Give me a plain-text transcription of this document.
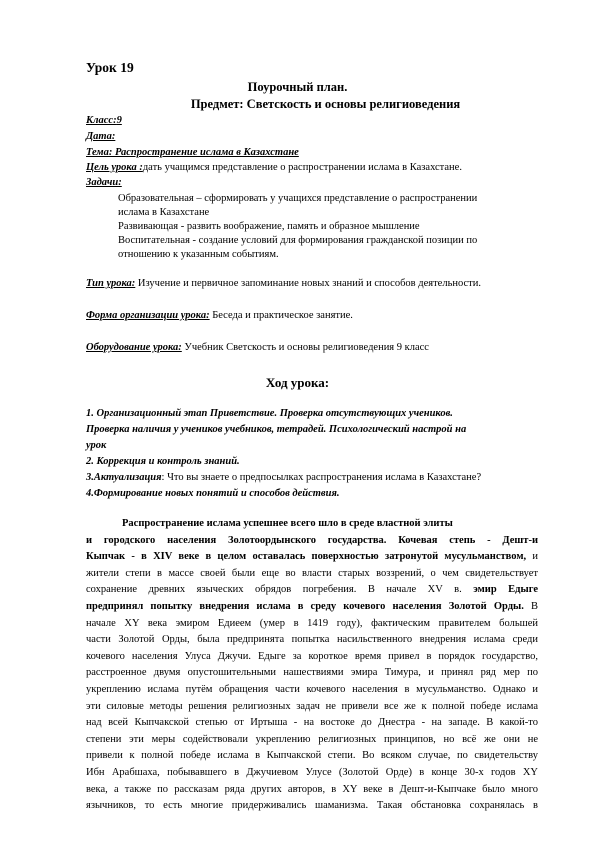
Урок 19
Поурочный план.
Предмет: Светскость и основы религиоведения
Класс:9
Дата:
Тема: Распространение ислама в Казахстане
Цель урока :дать учащимся представление о распространении ислама в Казахстане.
Задачи:
Образовательная – сформировать у учащихся представление о распространении
ислама в Казахстане
Развивающая - развить воображение, память и образное мышление
Воспитательная - создание условий для формирования гражданской позиции по
отношению к указанным событиям.
Тип урока: Изучение и первичное запоминание новых знаний и способов деятельности.
Форма организации урока: Беседа и практическое занятие.
Оборудование урока: Учебник Светскость и основы религиоведения 9 класс
Ход урока:
1. Организационный этап Приветствие. Проверка отсутствующих учеников.
Проверка наличия у учеников учебников, тетрадей. Психологический настрой на
урок
2. Коррекция и контроль знаний.
3.Актуализация: Что вы знаете о предпосылках распространения ислама в Казахстане?
4.Формирование новых понятий и способов действия.
Распространение ислама успешнее всего шло в среде властной элиты
и городского населения Золотоордынского государства. Кочевая степь - Дешт-и
Кыпчак - в XIV веке в целом оставалась поверхностью затронутой мусульманством, и
жители степи в массе своей были еще во власти старых воззрений, о чем свидетельствует
сохранение древних языческих обрядов погребения. В начале XV в. эмир Едыге
предпринял попытку внедрения ислама в среду кочевого населения Золотой Орды. В
начале XY века эмиром Едиеем (умер в 1419 году), фактическим правителем большей
части Золотой Орды, была предпринята попытка насильственного внедрения ислама среди
кочевого населения Улуса Джучи. Едыге за короткое время привел в порядок государство,
расстроенное двумя опустошительными нашествиями эмира Тимура, и принял ряд мер по
укреплению ислама путём обращения части кочевого населения в мусульманство. Однако и
эти силовые методы решения религиозных задач не привели все же к полной победе ислама
над всей Кыпчакской степью от Иртыша - на востоке до Днестра - на западе. В какой-то
степени эти меры содействовали укреплению религиозных принципов, но всё же они не
привели к полной победе ислама в Кыпчакской степи. Во всяком случае, по свидетельству
Ибн Арабшаха, побывавшего в Джучиевом Улусе (Золотой Орде) в конце 30-х годов XY
века, а также по рассказам ряда других авторов, в XY веке в Дешт-и-Кыпчаке было много
язычников, то есть многие придерживались шаманизма. Такая обстановка сохранялась в
